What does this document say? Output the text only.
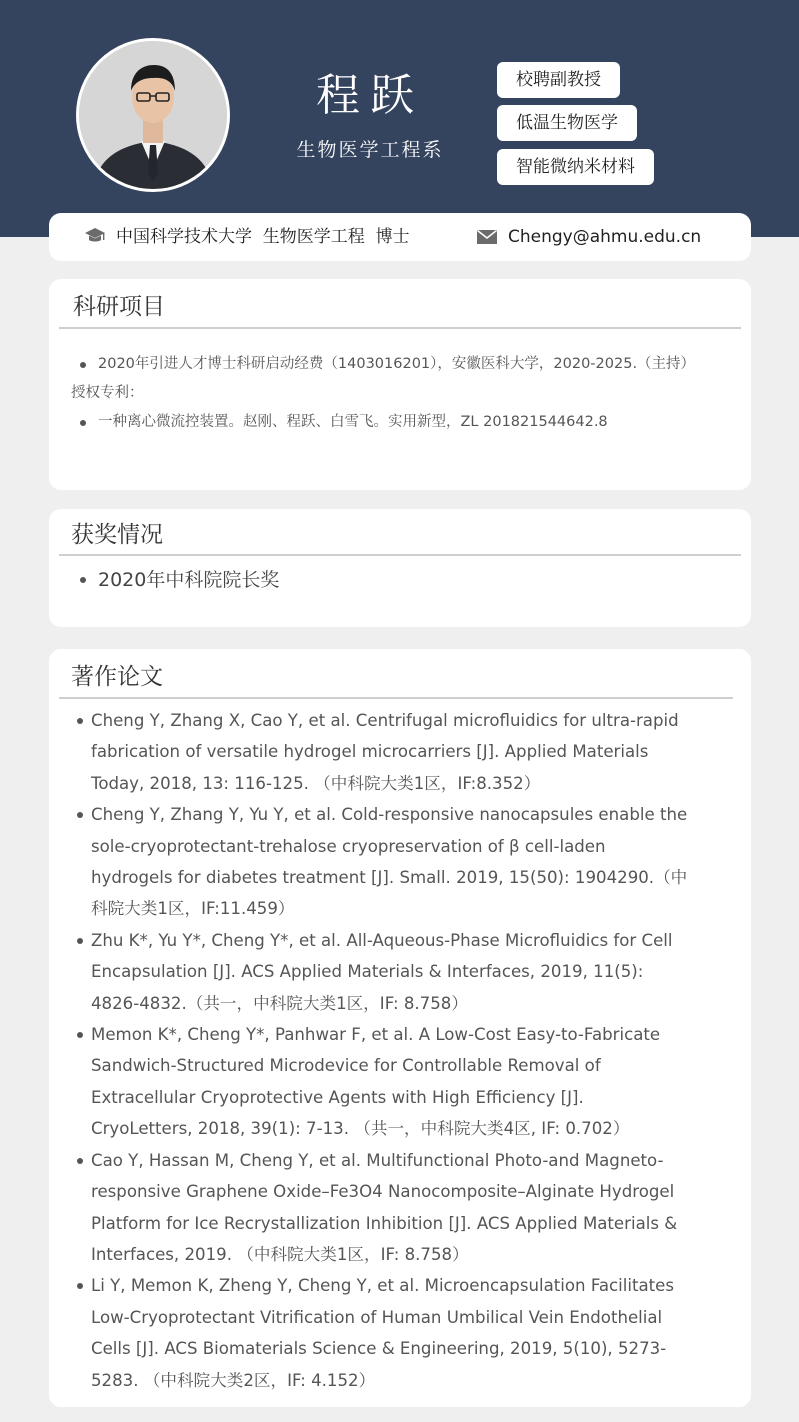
程跃
生物医学工程系
校聘副教授
低温生物医学
智能微纳米材料
中国科学技术大学  生物医学工程  博士	Chengy@ahmu.edu.cn
科研项目
2020年引进人才博士科研启动经费（1403016201），安徽医科大学，2020-2025.（主持）
授权专利：
一种离心微流控装置。赵刚、程跃、白雪飞。实用新型，ZL 201821544642.8
获奖情况
2020年中科院院长奖
著作论文
Cheng Y, Zhang X, Cao Y, et al. Centrifugal microfluidics for ultra-rapid fabrication of versatile hydrogel microcarriers [J]. Applied Materials Today, 2018, 13: 116-125. （中科院大类1区，IF:8.352）
Cheng Y, Zhang Y, Yu Y, et al. Cold-responsive nanocapsules enable the sole-cryoprotectant-trehalose cryopreservation of β cell-laden hydrogels for diabetes treatment [J]. Small. 2019, 15(50): 1904290.（中科院大类1区，IF:11.459）
Zhu K*, Yu Y*, Cheng Y*, et al. All-Aqueous-Phase Microfluidics for Cell Encapsulation [J]. ACS Applied Materials & Interfaces, 2019, 11(5): 4826-4832.（共一，中科院大类1区，IF: 8.758）
Memon K*, Cheng Y*, Panhwar F, et al. A Low-Cost Easy-to-Fabricate Sandwich-Structured Microdevice for Controllable Removal of Extracellular Cryoprotective Agents with High Efficiency [J]. CryoLetters, 2018, 39(1): 7-13. （共一，中科院大类4区, IF: 0.702）
Cao Y, Hassan M, Cheng Y, et al. Multifunctional Photo-and Magneto-responsive Graphene Oxide–Fe3O4 Nanocomposite–Alginate Hydrogel Platform for Ice Recrystallization Inhibition [J]. ACS Applied Materials & Interfaces, 2019. （中科院大类1区，IF: 8.758）
Li Y, Memon K, Zheng Y, Cheng Y, et al. Microencapsulation Facilitates Low-Cryoprotectant Vitrification of Human Umbilical Vein Endothelial Cells [J]. ACS Biomaterials Science & Engineering, 2019, 5(10), 5273-5283. （中科院大类2区，IF: 4.152）
